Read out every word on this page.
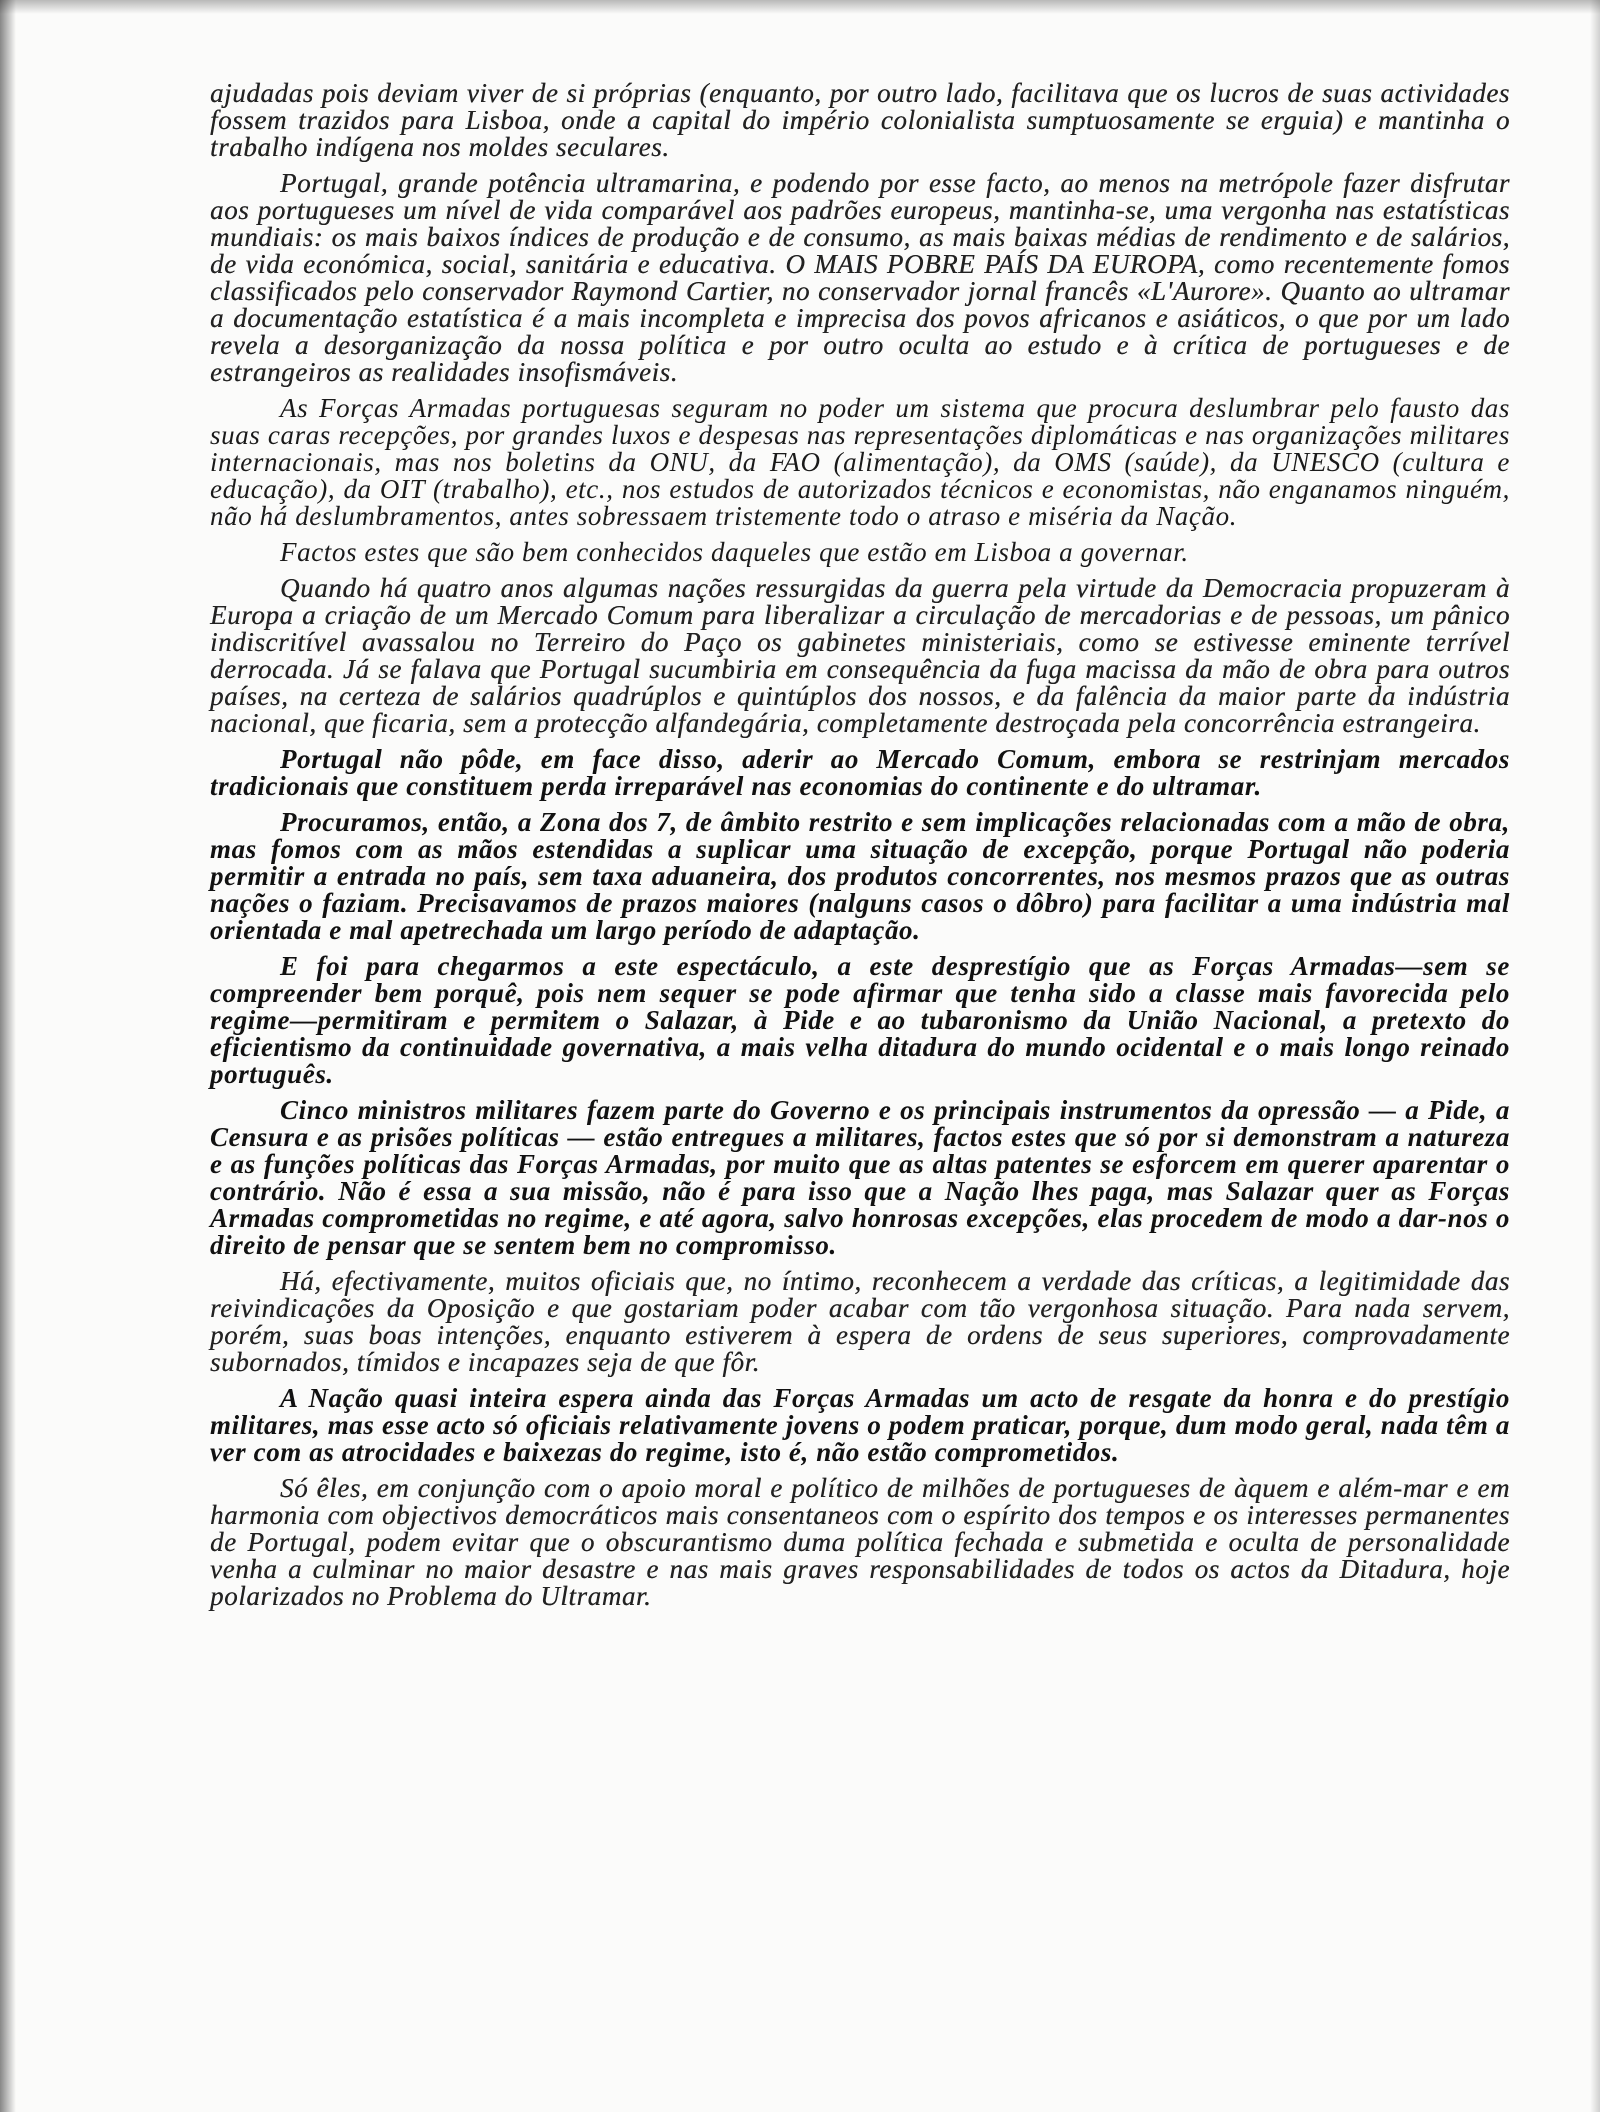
ajudadas pois deviam viver de si próprias (enquanto, por outro lado, facilitava que os lucros de suas actividades fossem trazidos para Lisboa, onde a capital do império colonialista sumptuosamente se erguia) e mantinha o trabalho indígena nos moldes seculares.

Portugal, grande potência ultramarina, e podendo por esse facto, ao menos na metrópole fazer disfrutar aos portugueses um nível de vida comparável aos padrões europeus, mantinha-se, uma vergonha nas estatísticas mundiais: os mais baixos índices de produção e de consumo, as mais baixas médias de rendimento e de salários, de vida económica, social, sanitária e educativa. O MAIS POBRE PAÍS DA EUROPA, como recentemente fomos classificados pelo conservador Raymond Cartier, no conservador jornal francês «L'Aurore». Quanto ao ultramar a documentação estatística é a mais incompleta e imprecisa dos povos africanos e asiáticos, o que por um lado revela a desorganização da nossa política e por outro oculta ao estudo e à crítica de portugueses e de estrangeiros as realidades insofismáveis.

As Forças Armadas portuguesas seguram no poder um sistema que procura deslumbrar pelo fausto das suas caras recepções, por grandes luxos e despesas nas representações diplomáticas e nas organizações militares internacionais, mas nos boletins da ONU, da FAO (alimentação), da OMS (saúde), da UNESCO (cultura e educação), da OIT (trabalho), etc., nos estudos de autorizados técnicos e economistas, não enganamos ninguém, não há deslumbramentos, antes sobressaem tristemente todo o atraso e miséria da Nação.

Factos estes que são bem conhecidos daqueles que estão em Lisboa a governar.

Quando há quatro anos algumas nações ressurgidas da guerra pela virtude da Democracia propuzeram à Europa a criação de um Mercado Comum para liberalizar a circulação de mercadorias e de pessoas, um pânico indiscritível avassalou no Terreiro do Paço os gabinetes ministeriais, como se estivesse eminente terrível derrocada. Já se falava que Portugal sucumbiria em consequência da fuga macissa da mão de obra para outros países, na certeza de salários quadrúplos e quintúplos dos nossos, e da falência da maior parte da indústria nacional, que ficaria, sem a protecção alfandegária, completamente destroçada pela concorrência estrangeira.

Portugal não pôde, em face disso, aderir ao Mercado Comum, embora se restrinjam mercados tradicionais que constituem perda irreparável nas economias do continente e do ultramar.

Procuramos, então, a Zona dos 7, de âmbito restrito e sem implicações relacionadas com a mão de obra, mas fomos com as mãos estendidas a suplicar uma situação de excepção, porque Portugal não poderia permitir a entrada no país, sem taxa aduaneira, dos produtos concorrentes, nos mesmos prazos que as outras nações o faziam. Precisavamos de prazos maiores (nalguns casos o dôbro) para facilitar a uma indústria mal orientada e mal apetrechada um largo período de adaptação.

E foi para chegarmos a este espectáculo, a este desprestígio que as Forças Armadas—sem se compreender bem porquê, pois nem sequer se pode afirmar que tenha sido a classe mais favorecida pelo regime—permitiram e permitem o Salazar, à Pide e ao tubaronismo da União Nacional, a pretexto do eficientismo da continuidade governativa, a mais velha ditadura do mundo ocidental e o mais longo reinado português.

Cinco ministros militares fazem parte do Governo e os principais instrumentos da opressão — a Pide, a Censura e as prisões políticas — estão entregues a militares, factos estes que só por si demonstram a natureza e as funções políticas das Forças Armadas, por muito que as altas patentes se esforcem em querer aparentar o contrário. Não é essa a sua missão, não é para isso que a Nação lhes paga, mas Salazar quer as Forças Armadas comprometidas no regime, e até agora, salvo honrosas excepções, elas procedem de modo a dar-nos o direito de pensar que se sentem bem no compromisso.

Há, efectivamente, muitos oficiais que, no íntimo, reconhecem a verdade das críticas, a legitimidade das reivindicações da Oposição e que gostariam poder acabar com tão vergonhosa situação. Para nada servem, porém, suas boas intenções, enquanto estiverem à espera de ordens de seus superiores, comprovadamente subornados, tímidos e incapazes seja de que fôr.

A Nação quasi inteira espera ainda das Forças Armadas um acto de resgate da honra e do prestígio militares, mas esse acto só oficiais relativamente jovens o podem praticar, porque, dum modo geral, nada têm a ver com as atrocidades e baixezas do regime, isto é, não estão comprometidos.

Só êles, em conjunção com o apoio moral e político de milhões de portugueses de àquem e além-mar e em harmonia com objectivos democráticos mais consentaneos com o espírito dos tempos e os interesses permanentes de Portugal, podem evitar que o obscurantismo duma política fechada e submetida e oculta de personalidade venha a culminar no maior desastre e nas mais graves responsabilidades de todos os actos da Ditadura, hoje polarizados no Problema do Ultramar.
